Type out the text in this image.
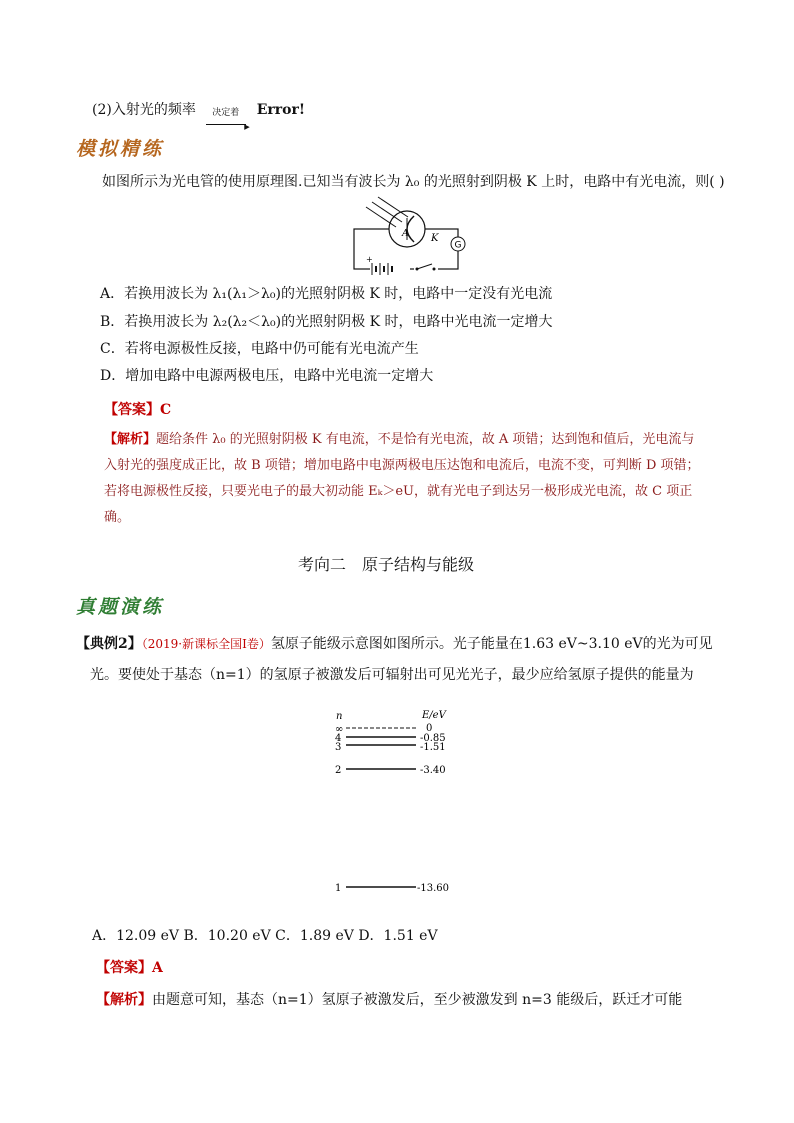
(2)入射光的频率 决定着
▸
Error!
模拟精练
如图所示为光电管的使用原理图.已知当有波长为 λ₀ 的光照射到阴极 K 上时，电路中有光电流，则( )
A K
G
+
A．若换用波长为 λ₁(λ₁＞λ₀)的光照射阴极 K 时，电路中一定没有光电流
B．若换用波长为 λ₂(λ₂＜λ₀)的光照射阴极 K 时，电路中光电流一定增大
C．若将电源极性反接，电路中仍可能有光电流产生
D．增加电路中电源两极电压，电路中光电流一定增大
【答案】C
【解析】题给条件 λ₀ 的光照射阴极 K 有电流，不是恰有光电流，故 A 项错；达到饱和值后，光电流与
入射光的强度成正比，故 B 项错；增加电路中电源两极电压达饱和电流后，电流不变，可判断 D 项错；
若将电源极性反接，只要光电子的最大初动能 Eₖ＞eU，就有光电子到达另一极形成光电流，故 C 项正
确。
考向二　原子结构与能级
真题演练
【典例2】（2019·新课标全国Ⅰ卷）氢原子能级示意图如图所示。光子能量在1.63 eV~3.10 eV的光为可见
光。要使处于基态（n=1）的氢原子被激发后可辐射出可见光光子，最少应给氢原子提供的能量为
n	E/eV
∞	0
4	-0.85
3	-1.51
2	-3.40
1	-13.60
A．12.09 eV B．10.20 eV C．1.89 eV D．1.51 eV
【答案】A
【解析】由题意可知，基态（n=1）氢原子被激发后，至少被激发到 n=3 能级后，跃迁才可能
